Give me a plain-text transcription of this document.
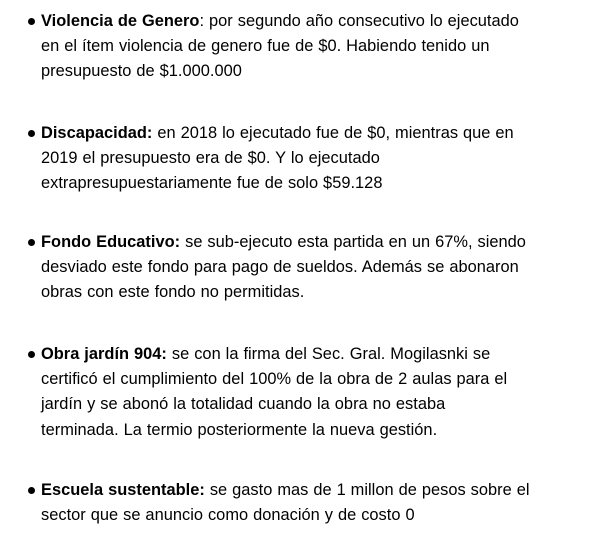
Violencia de Genero: por segundo año consecutivo lo ejecutado
en el ítem violencia de genero fue de $0. Habiendo tenido un
presupuesto de $1.000.000
Discapacidad: en 2018 lo ejecutado fue de $0, mientras que en
2019 el presupuesto era de $0. Y lo ejecutado
extrapresupuestariamente fue de solo $59.128
Fondo Educativo: se sub-ejecuto esta partida en un 67%, siendo
desviado este fondo para pago de sueldos. Además se abonaron
obras con este fondo no permitidas.
Obra jardín 904: se con la firma del Sec. Gral. Mogilasnki se
certificó el cumplimiento del 100% de la obra de 2 aulas para el
jardín y se abonó la totalidad cuando la obra no estaba
terminada. La termio posteriormente la nueva gestión.
Escuela sustentable: se gasto mas de 1 millon de pesos sobre el
sector que se anuncio como donación y de costo 0
